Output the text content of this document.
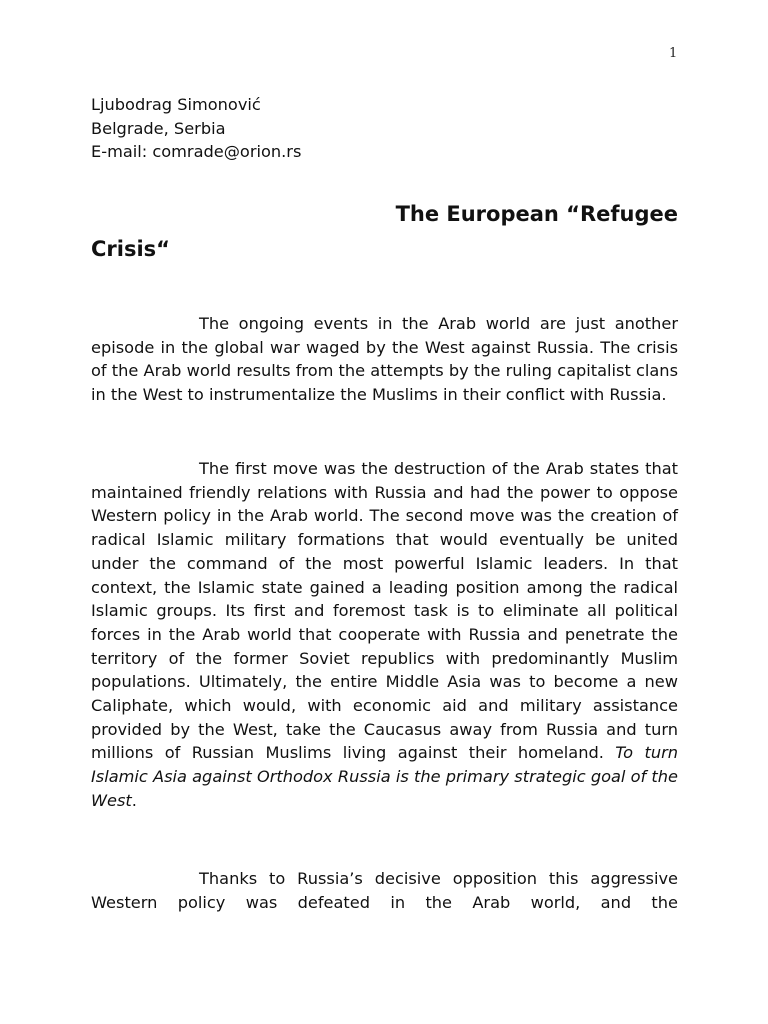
1
Ljubodrag Simonović
Belgrade, Serbia
E-mail: comrade@orion.rs
The European “Refugee
Crisis“

The ongoing events in the Arab world are just another episode in the global war waged by the West against Russia. The crisis of the Arab world results from the attempts by the ruling capitalist clans in the West to instrumentalize the Muslims in their conflict with Russia.

The first move was the destruction of the Arab states that maintained friendly relations with Russia and had the power to oppose Western policy in the Arab world. The second move was the creation of radical Islamic military formations that would eventually be united under the command of the most powerful Islamic leaders. In that context, the Islamic state gained a leading position among the radical Islamic groups. Its first and foremost task is to eliminate all political forces in the Arab world that cooperate with Russia and penetrate the territory of the former Soviet republics with predominantly Muslim populations. Ultimately, the entire Middle Asia was to become a new Caliphate, which would, with economic aid and military assistance provided by the West, take the Caucasus away from Russia and turn millions of Russian Muslims living against their homeland. To turn Islamic Asia against Orthodox Russia is the primary strategic goal of the West.

Thanks to Russia’s decisive opposition this aggressive Western policy was defeated in the Arab world, and the
